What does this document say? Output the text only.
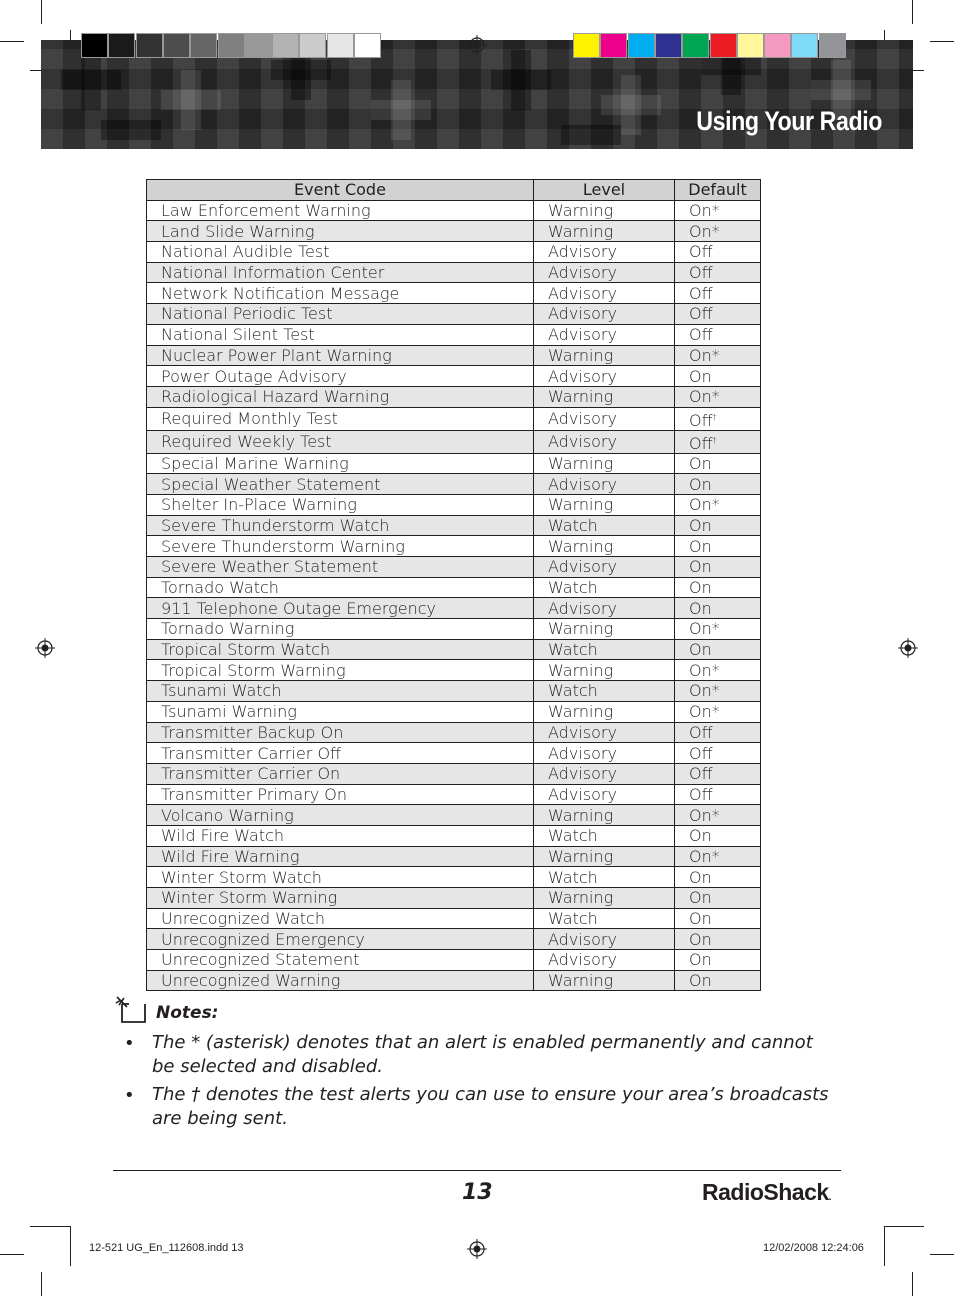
Using Your Radio
Event Code	Level	Default
Law Enforcement Warning	Warning	On*
Land Slide Warning	Warning	On*
National Audible Test	Advisory	Off
National Information Center	Advisory	Off
Network Notification Message	Advisory	Off
National Periodic Test	Advisory	Off
National Silent Test	Advisory	Off
Nuclear Power Plant Warning	Warning	On*
Power Outage Advisory	Advisory	On
Radiological Hazard Warning	Warning	On*
Required Monthly Test	Advisory	Off†
Required Weekly Test	Advisory	Off†
Special Marine Warning	Warning	On
Special Weather Statement	Advisory	On
Shelter In-Place Warning	Warning	On*
Severe Thunderstorm Watch	Watch	On
Severe Thunderstorm Warning	Warning	On
Severe Weather Statement	Advisory	On
Tornado Watch	Watch	On
911 Telephone Outage Emergency	Advisory	On
Tornado Warning	Warning	On*
Tropical Storm Watch	Watch	On
Tropical Storm Warning	Warning	On*
Tsunami Watch	Watch	On*
Tsunami Warning	Warning	On*
Transmitter Backup On	Advisory	Off
Transmitter Carrier Off	Advisory	Off
Transmitter Carrier On	Advisory	Off
Transmitter Primary On	Advisory	Off
Volcano Warning	Warning	On*
Wild Fire Watch	Watch	On
Wild Fire Warning	Warning	On*
Winter Storm Watch	Watch	On
Winter Storm Warning	Warning	On
Unrecognized Watch	Watch	On
Unrecognized Emergency	Advisory	On
Unrecognized Statement	Advisory	On
Unrecognized Warning	Warning	On
Notes:
• The * (asterisk) denotes that an alert is enabled permanently and cannot be selected and disabled.
• The † denotes the test alerts you can use to ensure your area’s broadcasts are being sent.
13	RadioShack.
12-521 UG_En_112608.indd 13	12/02/2008 12:24:06
